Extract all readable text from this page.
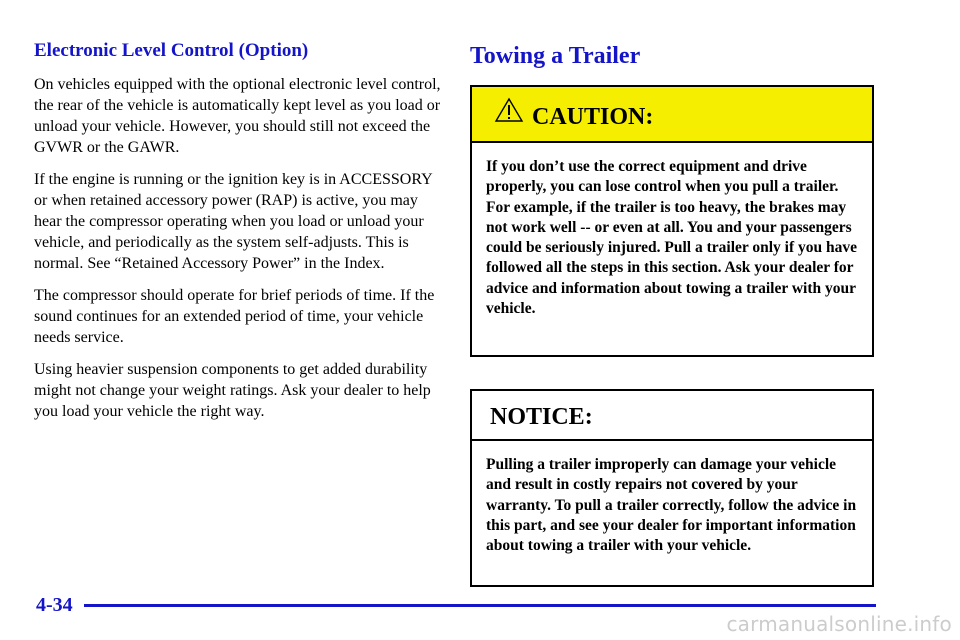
Electronic Level Control (Option)

On vehicles equipped with the optional electronic level control, the rear of the vehicle is automatically kept level as you load or unload your vehicle. However, you should still not exceed the GVWR or the GAWR.

If the engine is running or the ignition key is in ACCESSORY or when retained accessory power (RAP) is active, you may hear the compressor operating when you load or unload your vehicle, and periodically as the system self-adjusts. This is normal. See “Retained Accessory Power” in the Index.

The compressor should operate for brief periods of time. If the sound continues for an extended period of time, your vehicle needs service.

Using heavier suspension components to get added durability might not change your weight ratings. Ask your dealer to help you load your vehicle the right way.

Towing a Trailer

CAUTION:

If you don’t use the correct equipment and drive properly, you can lose control when you pull a trailer. For example, if the trailer is too heavy, the brakes may not work well -- or even at all. You and your passengers could be seriously injured. Pull a trailer only if you have followed all the steps in this section. Ask your dealer for advice and information about towing a trailer with your vehicle.

NOTICE:

Pulling a trailer improperly can damage your vehicle and result in costly repairs not covered by your warranty. To pull a trailer correctly, follow the advice in this part, and see your dealer for important information about towing a trailer with your vehicle.

4-34

carmanualsonline.info
